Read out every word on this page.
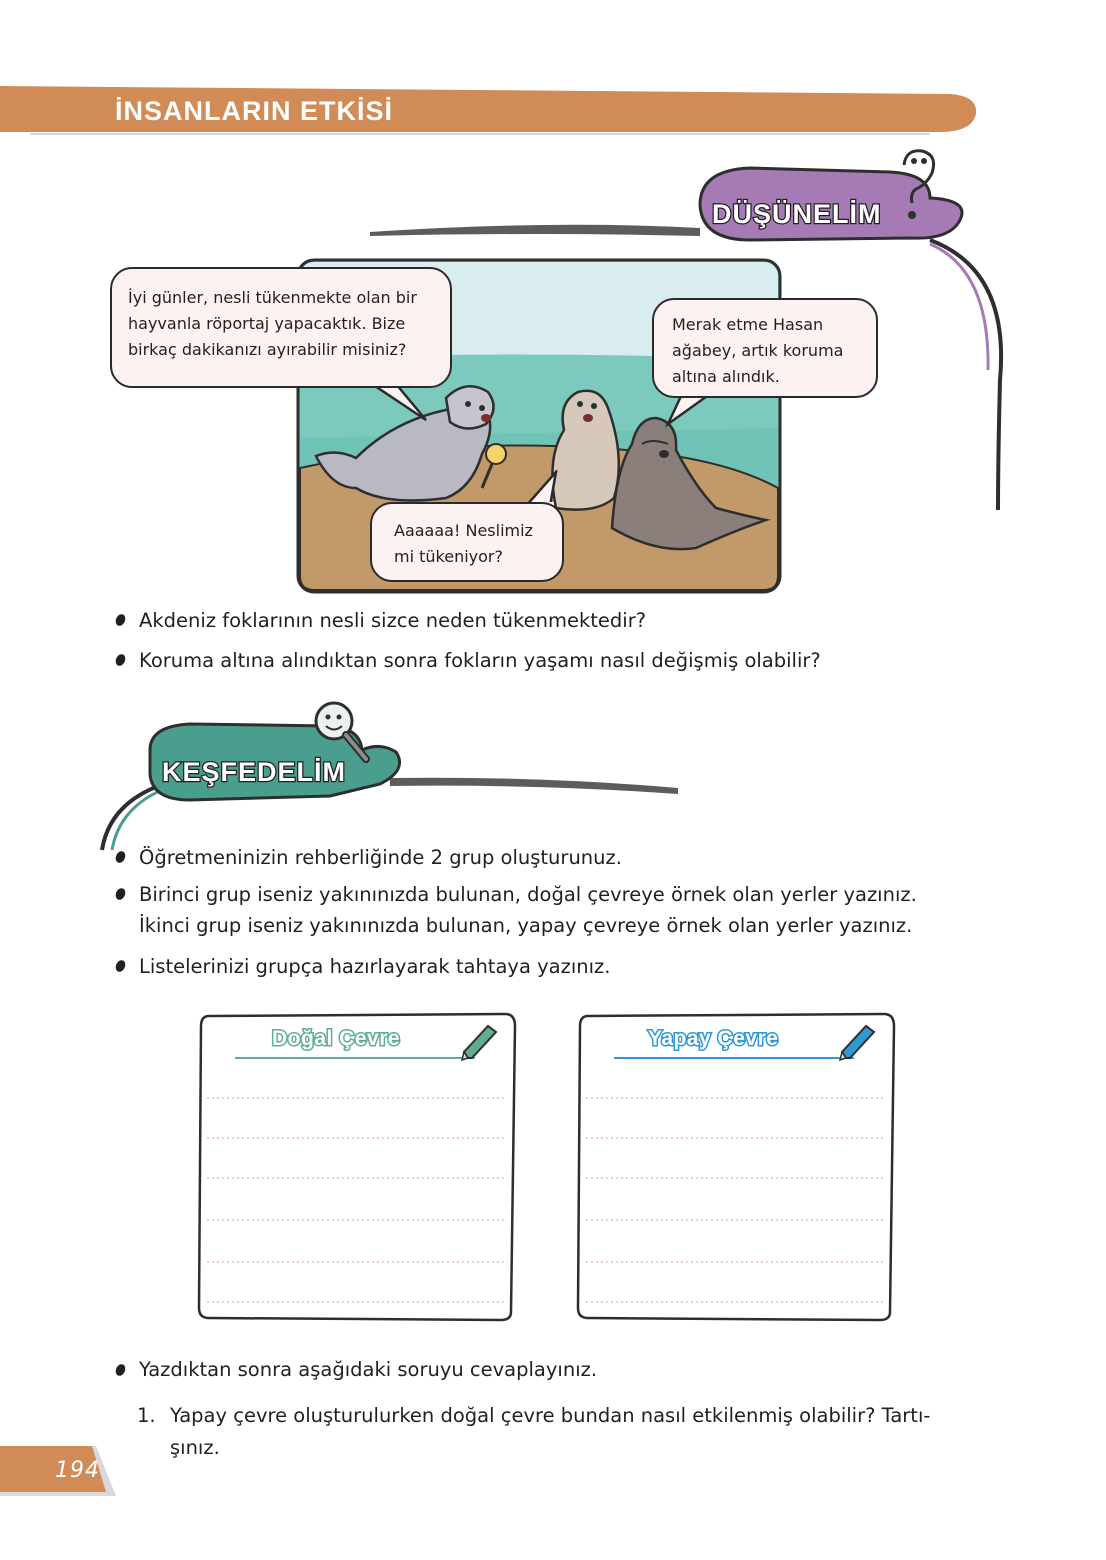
İNSANLARIN ETKİSİ
DÜŞÜNELİM
İyi günler, nesli tükenmekte olan bir
hayvanla röportaj yapacaktık. Bize
birkaç dakikanızı ayırabilir misiniz?
Merak etme Hasan
ağabey, artık koruma
altına alındık.
Aaaaaa! Neslimiz
mi tükeniyor?
Akdeniz foklarının nesli sizce neden tükenmektedir?
Koruma altına alındıktan sonra fokların yaşamı nasıl değişmiş olabilir?
KEŞFEDELİM
Öğretmeninizin rehberliğinde 2 grup oluşturunuz.
Birinci grup iseniz yakınınızda bulunan, doğal çevreye örnek olan yerler yazınız.
İkinci grup iseniz yakınınızda bulunan, yapay çevreye örnek olan yerler yazınız.
Listelerinizi grupça hazırlayarak tahtaya yazınız.
Doğal Çevre	Yapay Çevre
Yazdıktan sonra aşağıdaki soruyu cevaplayınız.
1. Yapay çevre oluşturulurken doğal çevre bundan nasıl etkilenmiş olabilir? Tartı-
şınız.
194
